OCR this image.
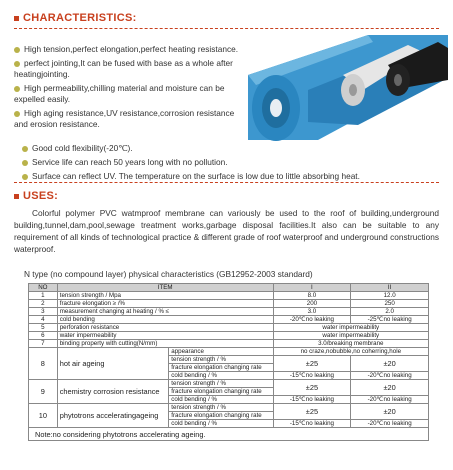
CHARACTERISTICS:
High tension,perfect elongation,perfect heating resistance.
perfect jointing,It can be fused with base as a whole after heatingjointing.
High permeability,chilling material and moisture can be expelled easily.
High aging resistance,UV resistance,corrosion resistance and erosion resistance.
Good cold flexibility(-20℃).
Service life can reach 50 years long with no pollution.
Surface can reflect UV. The temperature on the surface is low due to little absorbing heat.
USES:

Colorful polymer PVC watmproof membrane can variously be used to the roof of building,underground building,tunnel,dam,pool,sewage treatment works,garbage disposal facilities.It also can be suitable to any requirement of all kinds of technological practice & different grade of roof waterproof and underground constructions waterproof.

N type (no compound layer) physical characteristics (GB12952-2003 standard)
NO	ITEM		I	II
1	tension strength / Mpa		8.0	12.0
2	fracture elongation ≥ /%		200	250
3	measurement changing at heating / % ≤		3.0	2.0
4	cold bending		-20℃no leaking	-25℃no leaking
5	perforation resistance		water impermeability	
6	water impermeability		water impermeability	
7	binding property with cutting(N/mm)		3.0/breaking membrane	
8	hot air ageing	appearance	no craze,nobubble,no coherring,hole	
		tension strength / %	±25	±20
		fracture elongation changing rate		
		cold bending / %	-15℃no leaking	-20℃no leaking
9	chemistry corrosion resistance	tension strength / %	±25	±20
		fracture elongation changing rate		
		cold bending / %	-15℃no leaking	-20℃no leaking
10	phytotrons acceleratingageing	tension strength / %	±25	±20
		fracture elongation changing rate		
		cold bending / %	-15℃no leaking	-20℃no leaking
Note:no considering phytotrons accelerating ageing.				
